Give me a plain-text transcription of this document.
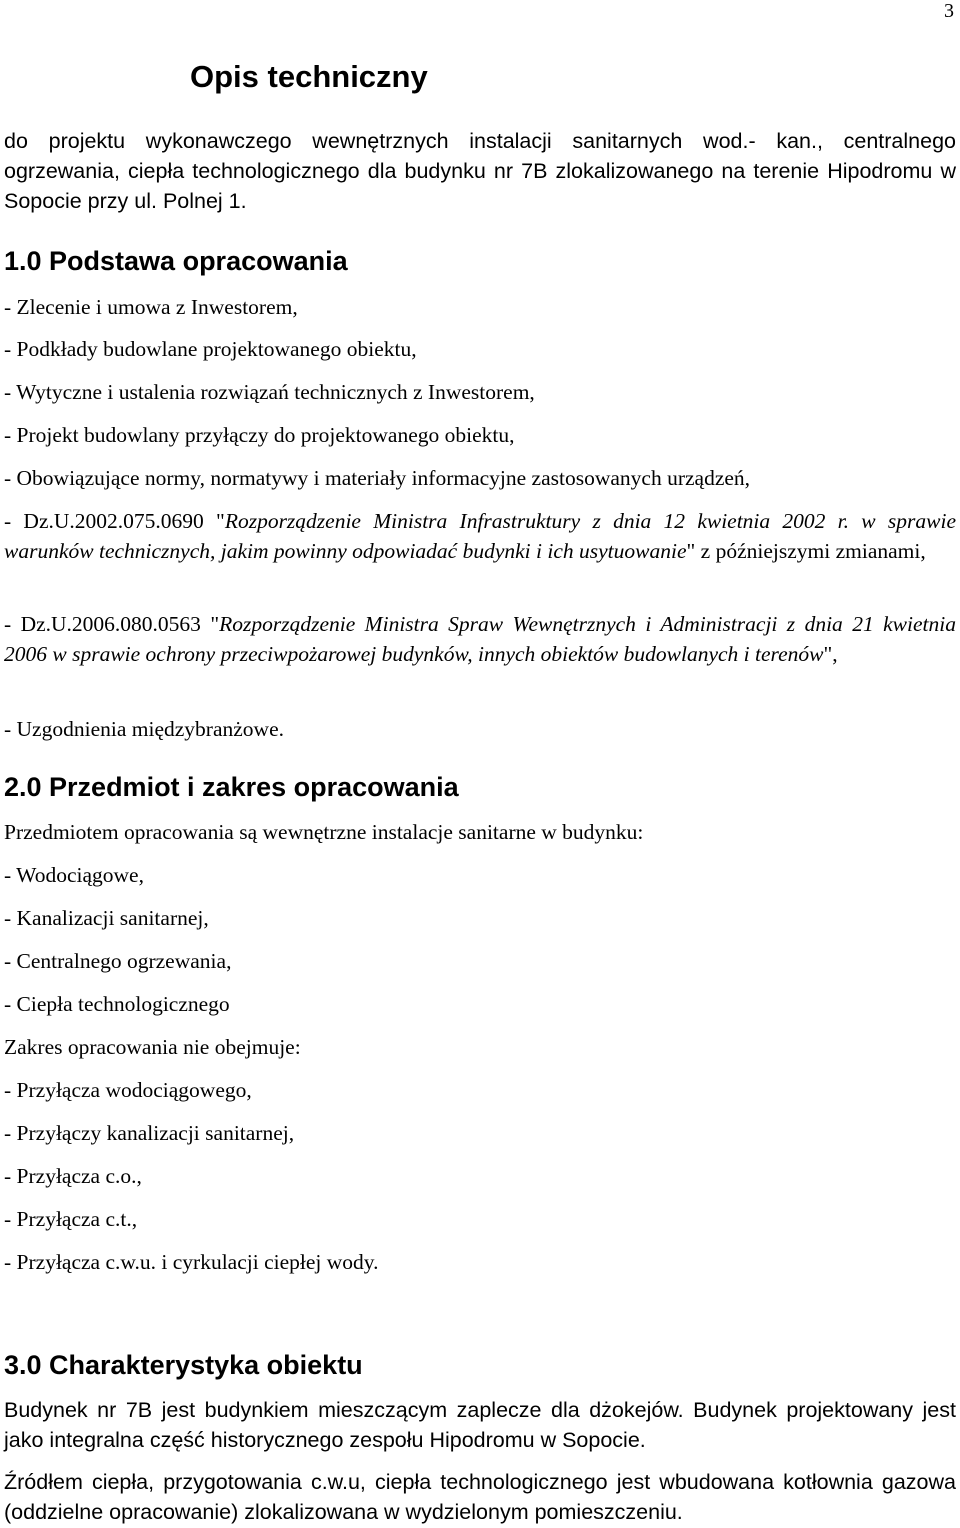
3
Opis techniczny

do projektu wykonawczego wewnętrznych instalacji sanitarnych wod.- kan., centralnego ogrzewania, ciepła technologicznego dla budynku nr 7B zlokalizowanego na terenie Hipodromu w Sopocie przy ul. Polnej 1.

1.0 Podstawa opracowania

- Zlecenie i umowa z Inwestorem,

- Podkłady budowlane projektowanego obiektu,

- Wytyczne i ustalenia rozwiązań technicznych z Inwestorem,

- Projekt budowlany przyłączy do projektowanego obiektu,

- Obowiązujące normy, normatywy i materiały informacyjne zastosowanych urządzeń,

- Dz.U.2002.075.0690 "Rozporządzenie Ministra Infrastruktury z dnia 12 kwietnia 2002 r. w sprawie warunków technicznych, jakim powinny odpowiadać budynki i ich usytuowanie" z późniejszymi zmianami,

- Dz.U.2006.080.0563 "Rozporządzenie Ministra Spraw Wewnętrznych i Administracji z dnia 21 kwietnia 2006 w sprawie ochrony przeciwpożarowej budynków, innych obiektów budowlanych i terenów",

- Uzgodnienia międzybranżowe.

2.0 Przedmiot i zakres opracowania

Przedmiotem opracowania są wewnętrzne instalacje sanitarne w budynku:

- Wodociągowe,

- Kanalizacji sanitarnej,

- Centralnego ogrzewania,

- Ciepła technologicznego

Zakres opracowania nie obejmuje:

- Przyłącza wodociągowego,

- Przyłączy kanalizacji sanitarnej,

- Przyłącza c.o.,

- Przyłącza c.t.,

- Przyłącza c.w.u. i cyrkulacji ciepłej wody.

3.0 Charakterystyka obiektu

Budynek nr 7B jest budynkiem mieszczącym zaplecze dla dżokejów. Budynek projektowany jest jako integralna część historycznego zespołu Hipodromu w Sopocie.

Źródłem ciepła, przygotowania c.w.u, ciepła technologicznego jest wbudowana kotłownia gazowa (oddzielne opracowanie) zlokalizowana w wydzielonym pomieszczeniu.
